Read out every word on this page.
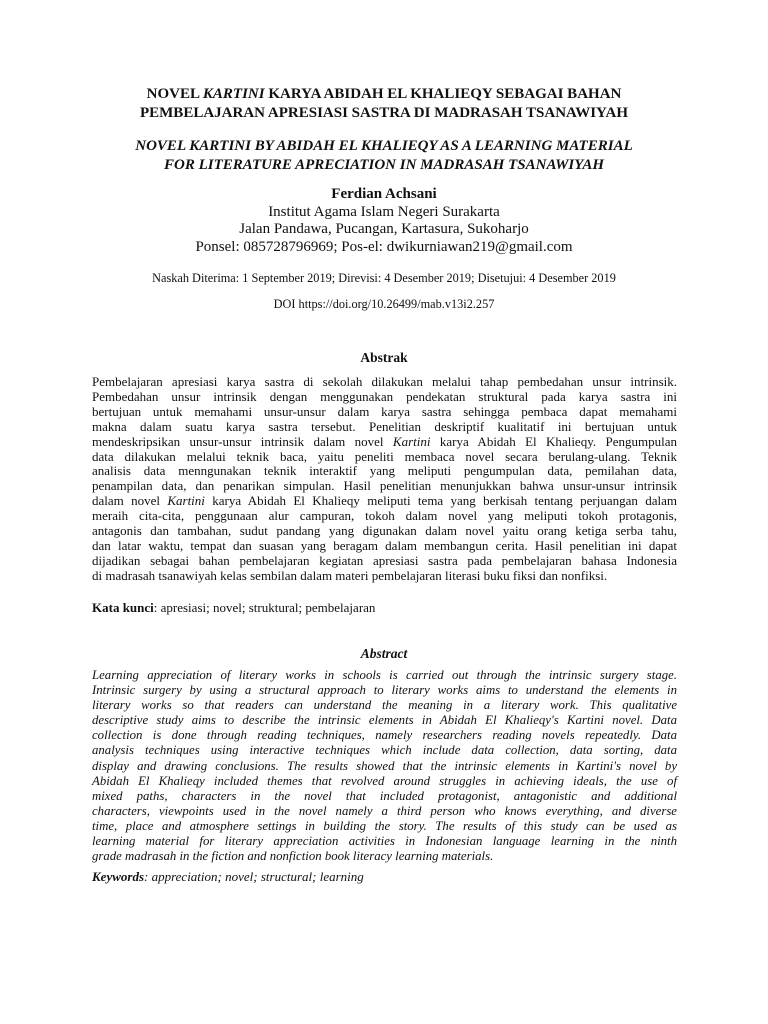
NOVEL KARTINI KARYA ABIDAH EL KHALIEQY SEBAGAI BAHAN
PEMBELAJARAN APRESIASI SASTRA DI MADRASAH TSANAWIYAH
NOVEL KARTINI BY ABIDAH EL KHALIEQY AS A LEARNING MATERIAL
FOR LITERATURE APRECIATION IN MADRASAH TSANAWIYAH
Ferdian Achsani
Institut Agama Islam Negeri Surakarta
Jalan Pandawa, Pucangan, Kartasura, Sukoharjo
Ponsel: 085728796969; Pos-el: dwikurniawan219@gmail.com
Naskah Diterima: 1 September 2019; Direvisi: 4 Desember 2019; Disetujui: 4 Desember 2019
DOI https://doi.org/10.26499/mab.v13i2.257
Abstrak
Pembelajaran apresiasi karya sastra di sekolah dilakukan melalui tahap pembedahan unsur intrinsik.
Pembedahan unsur intrinsik dengan menggunakan pendekatan struktural pada karya sastra ini
bertujuan untuk memahami unsur-unsur dalam karya sastra sehingga pembaca dapat memahami
makna dalam suatu karya sastra tersebut. Penelitian deskriptif kualitatif ini bertujuan untuk
mendeskripsikan unsur-unsur intrinsik dalam novel Kartini karya Abidah El Khalieqy. Pengumpulan
data dilakukan melalui teknik baca, yaitu peneliti membaca novel secara berulang-ulang. Teknik
analisis data menngunakan teknik interaktif yang meliputi pengumpulan data, pemilahan data,
penampilan data, dan penarikan simpulan. Hasil penelitian menunjukkan bahwa unsur-unsur intrinsik
dalam novel Kartini karya Abidah El Khalieqy meliputi tema yang berkisah tentang perjuangan dalam
meraih cita-cita, penggunaan alur campuran, tokoh dalam novel yang meliputi tokoh protagonis,
antagonis dan tambahan, sudut pandang yang digunakan dalam novel yaitu orang ketiga serba tahu,
dan latar waktu, tempat dan suasan yang beragam dalam membangun cerita. Hasil penelitian ini dapat
dijadikan sebagai bahan pembelajaran kegiatan apresiasi sastra pada pembelajaran bahasa Indonesia
di madrasah tsanawiyah kelas sembilan dalam materi pembelajaran literasi buku fiksi dan nonfiksi.
Kata kunci: apresiasi; novel; struktural; pembelajaran
Abstract
Learning appreciation of literary works in schools is carried out through the intrinsic surgery stage.
Intrinsic surgery by using a structural approach to literary works aims to understand the elements in
literary works so that readers can understand the meaning in a literary work. This qualitative
descriptive study aims to describe the intrinsic elements in Abidah El Khalieqy's Kartini novel. Data
collection is done through reading techniques, namely researchers reading novels repeatedly. Data
analysis techniques using interactive techniques which include data collection, data sorting, data
display and drawing conclusions. The results showed that the intrinsic elements in Kartini's novel by
Abidah El Khalieqy included themes that revolved around struggles in achieving ideals, the use of
mixed paths, characters in the novel that included protagonist, antagonistic and additional
characters, viewpoints used in the novel namely a third person who knows everything, and diverse
time, place and atmosphere settings in building the story. The results of this study can be used as
learning material for literary appreciation activities in Indonesian language learning in the ninth
grade madrasah in the fiction and nonfiction book literacy learning materials.
Keywords: appreciation; novel; structural; learning
